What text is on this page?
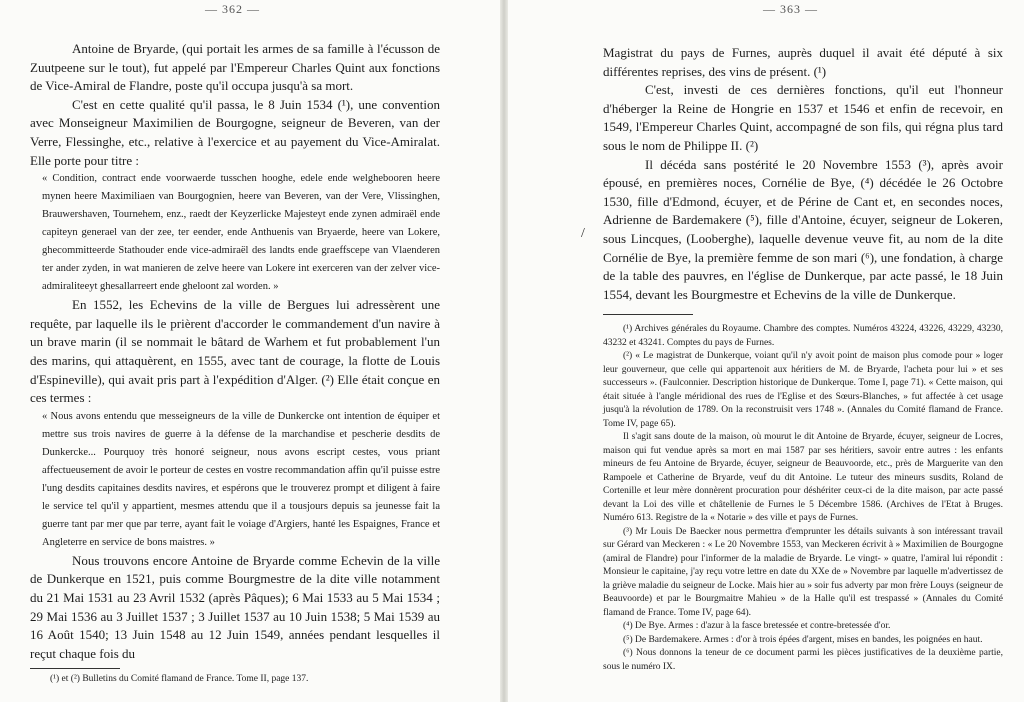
— 362 —

Antoine de Bryarde, (qui portait les armes de sa famille à l'écusson de Zuutpeene sur le tout), fut appelé par l'Empereur Charles Quint aux fonctions de Vice-Amiral de Flandre, poste qu'il occupa jusqu'à sa mort.

C'est en cette qualité qu'il passa, le 8 Juin 1534 (¹), une convention avec Monseigneur Maximilien de Bourgogne, seigneur de Beveren, van der Verre, Flessinghe, etc., relative à l'exercice et au payement du Vice-Amiralat. Elle porte pour titre :

« Condition, contract ende voorwaerde tusschen hooghe, edele ende welghebooren heere mynen heere Maximiliaen van Bourgognien, heere van Beveren, van der Vere, Vlissinghen, Brauwershaven, Tournehem, enz., raedt der Keyzerlicke Majesteyt ende zynen admiraël ende capiteyn generael van der zee, ter eender, ende Anthuenis van Bryaerde, heere van Lokere, ghecommitteerde Stathouder ende vice-admiraël des landts ende graeffscepe van Vlaenderen ter ander zyden, in wat manieren de zelve heere van Lokere int exerceren van der zelver vice-admiraliteeyt ghesallarreert ende gheloont zal worden. »

En 1552, les Echevins de la ville de Bergues lui adressèrent une requête, par laquelle ils le prièrent d'accorder le commandement d'un navire à un brave marin (il se nommait le bâtard de Warhem et fut probablement l'un des marins, qui attaquèrent, en 1555, avec tant de courage, la flotte de Louis d'Espineville), qui avait pris part à l'expédition d'Alger. (²) Elle était conçue en ces termes :

« Nous avons entendu que messeigneurs de la ville de Dunkercke ont intention de équiper et mettre sus trois navires de guerre à la défense de la marchandise et pescherie desdits de Dunkercke... Pourquoy très honoré seigneur, nous avons escript cestes, vous priant affectueusement de avoir le porteur de cestes en vostre recommandation affin qu'il puisse estre l'ung desdits capitaines desdits navires, et espérons que le trouverez prompt et diligent à faire le service tel qu'il y appartient, mesmes attendu que il a tousjours depuis sa jeunesse fait la guerre tant par mer que par terre, ayant fait le voiage d'Argiers, hanté les Espaignes, France et Angleterre en service de bons maistres. »

Nous trouvons encore Antoine de Bryarde comme Echevin de la ville de Dunkerque en 1521, puis comme Bourgmestre de la dite ville notamment du 21 Mai 1531 au 23 Avril 1532 (après Pâques); 6 Mai 1533 au 5 Mai 1534 ; 29 Mai 1536 au 3 Juillet 1537 ; 3 Juillet 1537 au 10 Juin 1538; 5 Mai 1539 au 16 Août 1540; 13 Juin 1548 au 12 Juin 1549, années pendant lesquelles il reçut chaque fois du

(¹) et (²) Bulletins du Comité flamand de France. Tome II, page 137.

— 363 —
/

Magistrat du pays de Furnes, auprès duquel il avait été député à six différentes reprises, des vins de présent. (¹)

C'est, investi de ces dernières fonctions, qu'il eut l'honneur d'héberger la Reine de Hongrie en 1537 et 1546 et enfin de recevoir, en 1549, l'Empereur Charles Quint, accompagné de son fils, qui régna plus tard sous le nom de Philippe II. (²)

Il décéda sans postérité le 20 Novembre 1553 (³), après avoir épousé, en premières noces, Cornélie de Bye, (⁴) décédée le 26 Octobre 1530, fille d'Edmond, écuyer, et de Périne de Cant et, en secondes noces, Adrienne de Bardemakere (⁵), fille d'Antoine, écuyer, seigneur de Lokeren, sous Lincques, (Looberghe), laquelle devenue veuve fit, au nom de la dite Cornélie de Bye, la première femme de son mari (⁶), une fondation, à charge de la table des pauvres, en l'église de Dunkerque, par acte passé, le 18 Juin 1554, devant les Bourgmestre et Echevins de la ville de Dunkerque.

(¹) Archives générales du Royaume. Chambre des comptes. Numéros 43224, 43226, 43229, 43230, 43232 et 43241. Comptes du pays de Furnes.

(²) « Le magistrat de Dunkerque, voiant qu'il n'y avoit point de maison plus comode pour » loger leur gouverneur, que celle qui appartenoit aux héritiers de M. de Bryarde, l'acheta pour lui » et ses successeurs ». (Faulconnier. Description historique de Dunkerque. Tome I, page 71). « Cette maison, qui était située à l'angle méridional des rues de l'Eglise et des Sœurs-Blanches, » fut affectée à cet usage jusqu'à la révolution de 1789. On la reconstruisit vers 1748 ». (Annales du Comité flamand de France. Tome IV, page 65).

Il s'agit sans doute de la maison, où mourut le dit Antoine de Bryarde, écuyer, seigneur de Locres, maison qui fut vendue après sa mort en mai 1587 par ses héritiers, savoir entre autres : les enfants mineurs de feu Antoine de Bryarde, écuyer, seigneur de Beauvoorde, etc., près de Marguerite van den Rampoele et Catherine de Bryarde, veuf du dit Antoine. Le tuteur des mineurs susdits, Roland de Cortenille et leur mère donnèrent procuration pour déshériter ceux-ci de la dite maison, par acte passé devant la Loi des ville et châtellenie de Furnes le 5 Décembre 1586. (Archives de l'Etat à Bruges. Numéro 613. Registre de la « Notarie » des ville et pays de Furnes.

(³) Mr Louis De Baecker nous permettra d'emprunter les détails suivants à son intéressant travail sur Gérard van Meckeren : « Le 20 Novembre 1553, van Meckeren écrivit à » Maximilien de Bourgogne (amiral de Flandre) pour l'informer de la maladie de Bryarde. Le vingt- » quatre, l'amiral lui répondit : Monsieur le capitaine, j'ay reçu votre lettre en date du XXe de » Novembre par laquelle m'advertissez de la griève maladie du seigneur de Locke. Mais hier au » soir fus adverty par mon frère Louys (seigneur de Beauvoorde) et par le Bourgmaitre Mahieu » de la Halle qu'il est trespassé » (Annales du Comité flamand de France. Tome IV, page 64).

(⁴) De Bye. Armes : d'azur à la fasce bretessée et contre-bretessée d'or.

(⁵) De Bardemakere. Armes : d'or à trois épées d'argent, mises en bandes, les poignées en haut.

(⁶) Nous donnons la teneur de ce document parmi les pièces justificatives de la deuxième partie, sous le numéro IX.
